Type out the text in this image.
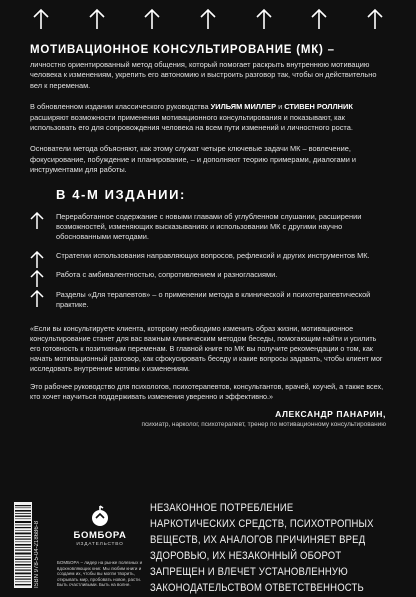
МОТИВАЦИОННОЕ КОНСУЛЬТИРОВАНИЕ (МК) –

личностно ориентированный метод общения, который помогает раскрыть внутреннюю мотивацию человека к изменениям, укрепить его автономию и выстроить разговор так, чтобы он действительно вел к переменам.

В обновленном издании классического руководства УИЛЬЯМ МИЛЛЕР и СТИВЕН РОЛЛНИК расширяют возможности применения мотивационного консультирования и показывают, как использовать его для сопровождения человека на всем пути изменений и личностного роста.

Основатели метода объясняют, как этому служат четыре ключевые задачи МК – вовлечение, фокусирование, побуждение и планирование, – и дополняют теорию примерами, диалогами и инструментами для работы.

В 4-М ИЗДАНИИ:
Переработанное содержание с новыми главами об углубленном слушании, расширении возможностей, изменяющих высказываниях и использовании МК с другими научно обоснованными методами.
Стратегии использования направляющих вопросов, рефлексий и других инструментов МК.
Работа с амбивалентностью, сопротивлением и разногласиями.
Разделы «Для терапевтов» – о применении метода в клинической и психотерапевтической практике.

«Если вы консультируете клиента, которому необходимо изменить образ жизни, мотивационное консультирование станет для вас важным клиническим методом беседы, помогающим найти и усилить его готовность к позитивным переменам. В главной книге по МК вы получите рекомендации о том, как начать мотивационный разговор, как сфокусировать беседу и какие вопросы задавать, чтобы клиент мог исследовать внутренние мотивы к изменениям.

Это рабочее руководство для психологов, психотерапевтов, консультантов, врачей, коучей, а также всех, кто хочет научиться поддерживать изменения уверенно и эффективно.»

АЛЕКСАНДР ПАНАРИН,
психиатр, нарколог, психотерапевт, тренер по мотивационному консультированию
ISBN 978-5-04-218686-8	БОМБОРА
ИЗДАТЕЛЬСТВО
БОМБОРА – лидер на рынке полезных и вдохновляющих книг. Мы любим книги и создаем их, чтобы вы могли творить, открывать мир, пробовать новое, расти. Быть счастливыми. Быть на волне.
НЕЗАКОННОЕ ПОТРЕБЛЕНИЕ НАРКОТИЧЕСКИХ СРЕДСТВ, ПСИХОТРОПНЫХ ВЕЩЕСТВ, ИХ АНАЛОГОВ ПРИЧИНЯЕТ ВРЕД ЗДОРОВЬЮ, ИХ НЕЗАКОННЫЙ ОБОРОТ ЗАПРЕЩЕН И ВЛЕЧЕТ УСТАНОВЛЕННУЮ ЗАКОНОДАТЕЛЬСТВОМ ОТВЕТСТВЕННОСТЬ
